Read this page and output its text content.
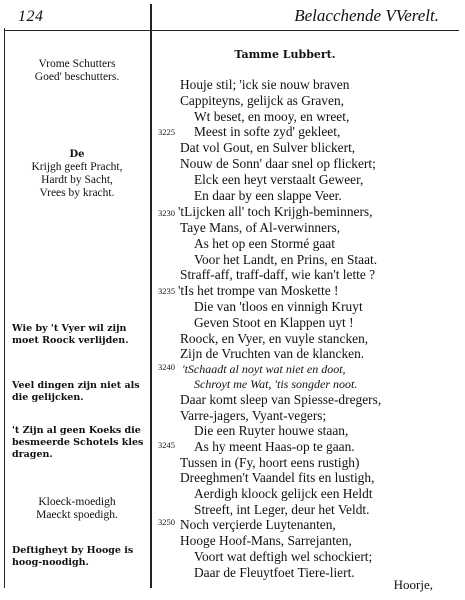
124	Belacchende VVerelt.
Tamme Lubbert.
Vrome Schutters
Goed' beschutters.
De
Krijgh geeft Pracht,
Hardt by Sacht,
Vrees by kracht.
Wie by 't Vyer wil zijn
moet Roock verlijden.
Veel dingen zijn niet als
die gelijcken.
't Zijn al geen Koeks die
besmeerde Schotels kles
dragen.
Kloeck-moedigh
Maeckt spoedigh.
Deftigheyt by Hooge is
hoog-noodigh.
3225
3230
3235
3240
3245
3250
Houje stil; 'ick sie nouw braven
Cappiteyns, gelijck as Graven,
Wt beset, en mooy, en wreet,
Meest in softe zyd' gekleet,
Dat vol Gout, en Sulver blickert,
Nouw de Sonn' daar snel op flickert;
Elck een heyt verstaalt Geweer,
En daar by een slappe Veer.
'tLijcken all' toch Krijgh-beminners,
Taye Mans, of Al-verwinners,
As het op een Stormé gaat
Voor het Landt, en Prins, en Staat.
Straff-aff, traff-daff, wie kan't lette ?
'tIs het trompe van Moskette !
Die van 'tloos en vinnigh Kruyt
Geven Stoot en Klappen uyt !
Roock, en Vyer, en vuyle stancken,
Zijn de Vruchten van de klancken.
'tSchaadt al noyt wat niet en doot,
Schroyt me Wat, 'tis songder noot.
Daar komt sleep van Spiesse-dregers,
Varre-jagers, Vyant-vegers;
Die een Ruyter houwe staan,
As hy meent Haas-op te gaan.
Tussen in (Fy, hoort eens rustigh)
Dreeghmen't Vaandel fits en lustigh,
Aerdigh kloock gelijck een Heldt
Streeft, int Leger, deur het Veldt.
Noch verçierde Luytenanten,
Hooge Hoof-Mans, Sarrejanten,
Voort wat deftigh wel schockiert;
Daar de Fleuytfoet Tiere-liert.
Hoorje,
